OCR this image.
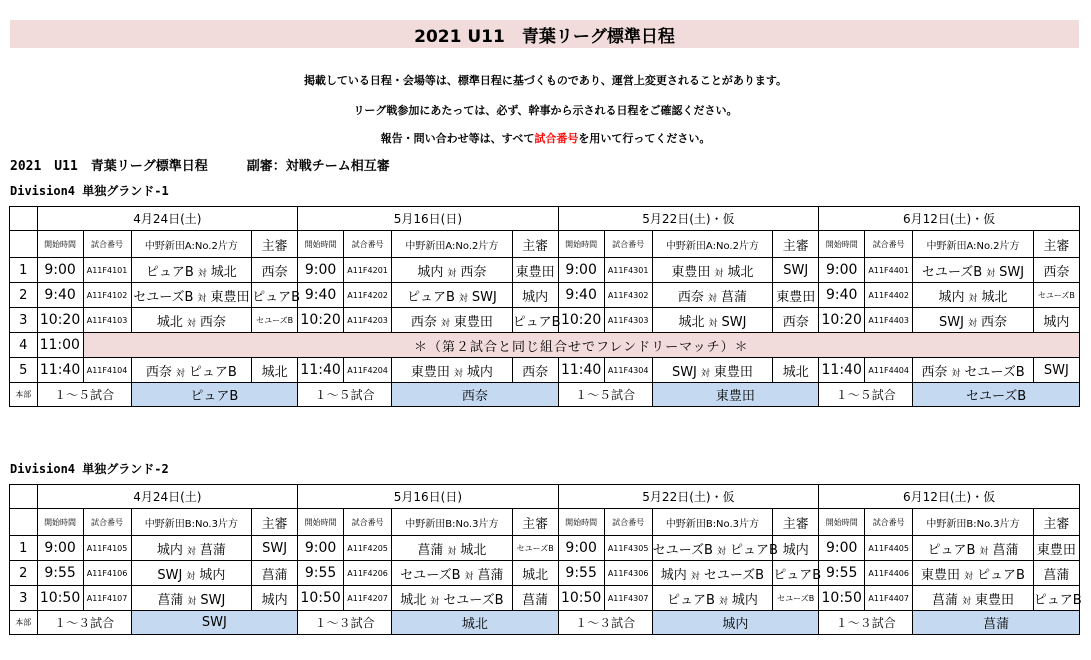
2021 U11　青葉リーグ標準日程
掲載している日程・会場等は、標準日程に基づくものであり、運営上変更されることがあります。
リーグ戦参加にあたっては、必ず、幹事から示される日程をご確認ください。
報告・問い合わせ等は、すべて試合番号を用いて行ってください。
2021　U11　青葉リーグ標準日程　　　副審：対戦チーム相互審
Division4 単独グランド-1
	4月24日(土)				5月16日(日)				5月22日(土)・仮				6月12日(土)・仮			
	開始時間	試合番号	中野新田A:No.2片方	主審	開始時間	試合番号	中野新田A:No.2片方	主審	開始時間	試合番号	中野新田A:No.2片方	主審	開始時間	試合番号	中野新田A:No.2片方	主審
1	9:00	A11F4101	ピュアB 対 城北	西奈	9:00	A11F4201	城内 対 西奈	東豊田	9:00	A11F4301	東豊田 対 城北	SWJ	9:00	A11F4401	セユーズB 対 SWJ	西奈
2	9:40	A11F4102	セユーズB 対 東豊田	ピュアB	9:40	A11F4202	ピュアB 対 SWJ	城内	9:40	A11F4302	西奈 対 菖蒲	東豊田	9:40	A11F4402	城内 対 城北	セユーズB
3	10:20	A11F4103	城北 対 西奈	セユーズB	10:20	A11F4203	西奈 対 東豊田	ピュアB	10:20	A11F4303	城北 対 SWJ	西奈	10:20	A11F4403	SWJ 対 西奈	城内
4	11:00	＊（第２試合と同じ組合せでフレンドリーマッチ）＊														
5	11:40	A11F4104	西奈 対 ピュアB	城北	11:40	A11F4204	東豊田 対 城内	西奈	11:40	A11F4304	SWJ 対 東豊田	城北	11:40	A11F4404	西奈 対 セユーズB	SWJ
本部	１～５試合		ピュアB		１～５試合		西奈		１～５試合		東豊田		１～５試合		セユーズB	
Division4 単独グランド-2
	4月24日(土)				5月16日(日)				5月22日(土)・仮				6月12日(土)・仮			
	開始時間	試合番号	中野新田B:No.3片方	主審	開始時間	試合番号	中野新田B:No.3片方	主審	開始時間	試合番号	中野新田B:No.3片方	主審	開始時間	試合番号	中野新田B:No.3片方	主審
1	9:00	A11F4105	城内 対 菖蒲	SWJ	9:00	A11F4205	菖蒲 対 城北	セユーズB	9:00	A11F4305	セユーズB 対 ピュアB	城内	9:00	A11F4405	ピュアB 対 菖蒲	東豊田
2	9:55	A11F4106	SWJ 対 城内	菖蒲	9:55	A11F4206	セユーズB 対 菖蒲	城北	9:55	A11F4306	城内 対 セユーズB	ピュアB	9:55	A11F4406	東豊田 対 ピュアB	菖蒲
3	10:50	A11F4107	菖蒲 対 SWJ	城内	10:50	A11F4207	城北 対 セユーズB	菖蒲	10:50	A11F4307	ピュアB 対 城内	セユーズB	10:50	A11F4407	菖蒲 対 東豊田	ピュアB
本部	１～３試合		SWJ		１～３試合		城北		１～３試合		城内		１～３試合		菖蒲	
